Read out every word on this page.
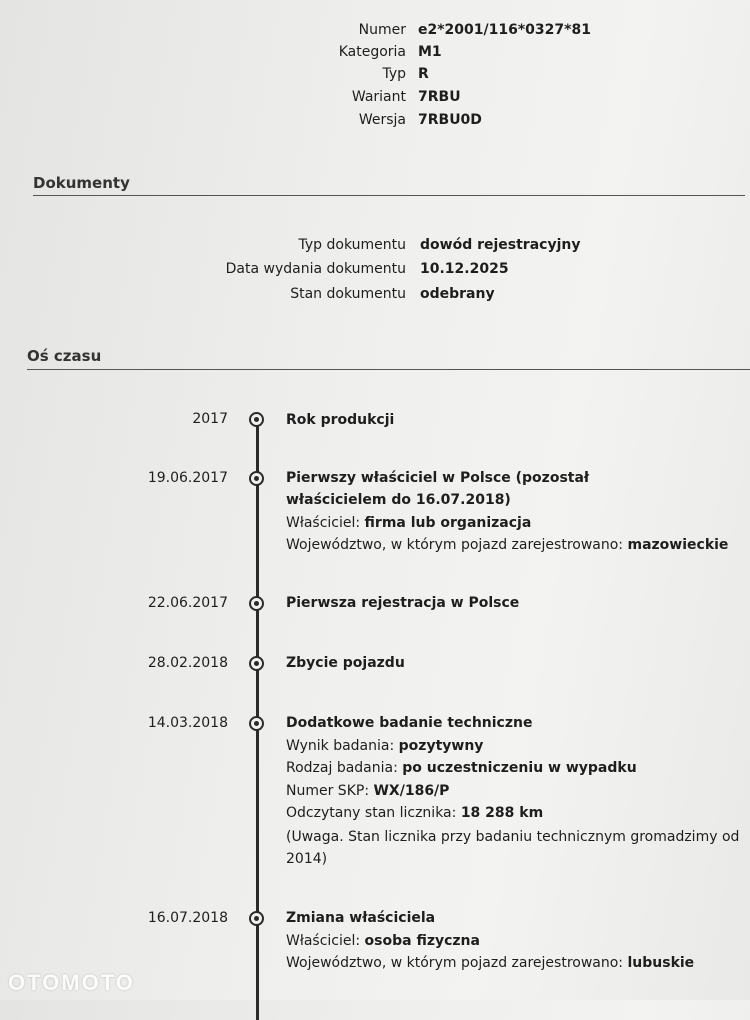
Numer e2*2001/116*0327*81
Kategoria M1
Typ R
Wariant 7RBU
Wersja 7RBU0D
Dokumenty
Typ dokumentu dowód rejestracyjny
Data wydania dokumentu 10.12.2025
Stan dokumentu odebrany
Oś czasu
2017	Rok produkcji
19.06.2017	Pierwszy właściciel w Polsce (pozostał właścicielem do 16.07.2018)
Właściciel: firma lub organizacja
Województwo, w którym pojazd zarejestrowano: mazowieckie
22.06.2017	Pierwsza rejestracja w Polsce
28.02.2018	Zbycie pojazdu
14.03.2018	Dodatkowe badanie techniczne
Wynik badania: pozytywny
Rodzaj badania: po uczestniczeniu w wypadku
Numer SKP: WX/186/P
Odczytany stan licznika: 18 288 km
(Uwaga. Stan licznika przy badaniu technicznym gromadzimy od
2014)
16.07.2018	Zmiana właściciela
Właściciel: osoba fizyczna
Województwo, w którym pojazd zarejestrowano: lubuskie
OTOMOTO
